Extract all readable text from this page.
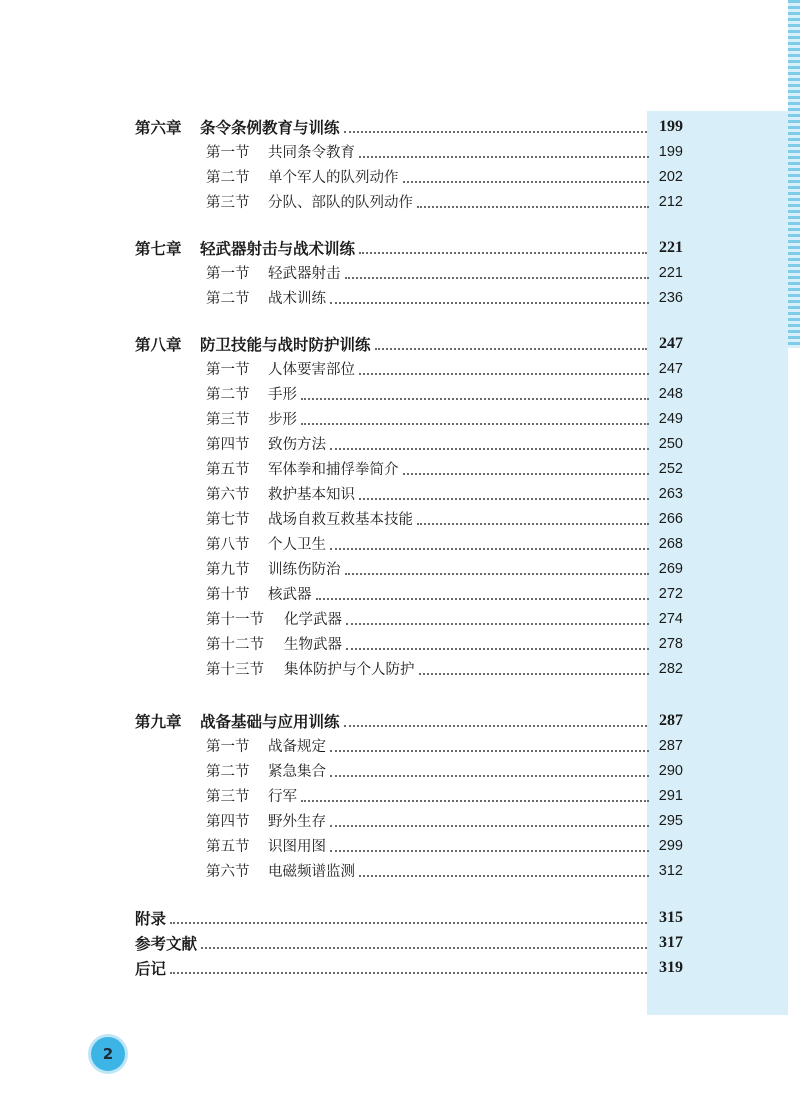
第六章	条令条例教育与训练	199
第一节	共同条令教育	199
第二节	单个军人的队列动作	202
第三节	分队、部队的队列动作	212
第七章	轻武器射击与战术训练	221
第一节	轻武器射击	221
第二节	战术训练	236
第八章	防卫技能与战时防护训练	247
第一节	人体要害部位	247
第二节	手形	248
第三节	步形	249
第四节	致伤方法	250
第五节	军体拳和捕俘拳简介	252
第六节	救护基本知识	263
第七节	战场自救互救基本技能	266
第八节	个人卫生	268
第九节	训练伤防治	269
第十节	核武器	272
第十一节	化学武器	274
第十二节	生物武器	278
第十三节	集体防护与个人防护	282
第九章	战备基础与应用训练	287
第一节	战备规定	287
第二节	紧急集合	290
第三节	行军	291
第四节	野外生存	295
第五节	识图用图	299
第六节	电磁频谱监测	312
附录	315
参考文献	317
后记	319
2
